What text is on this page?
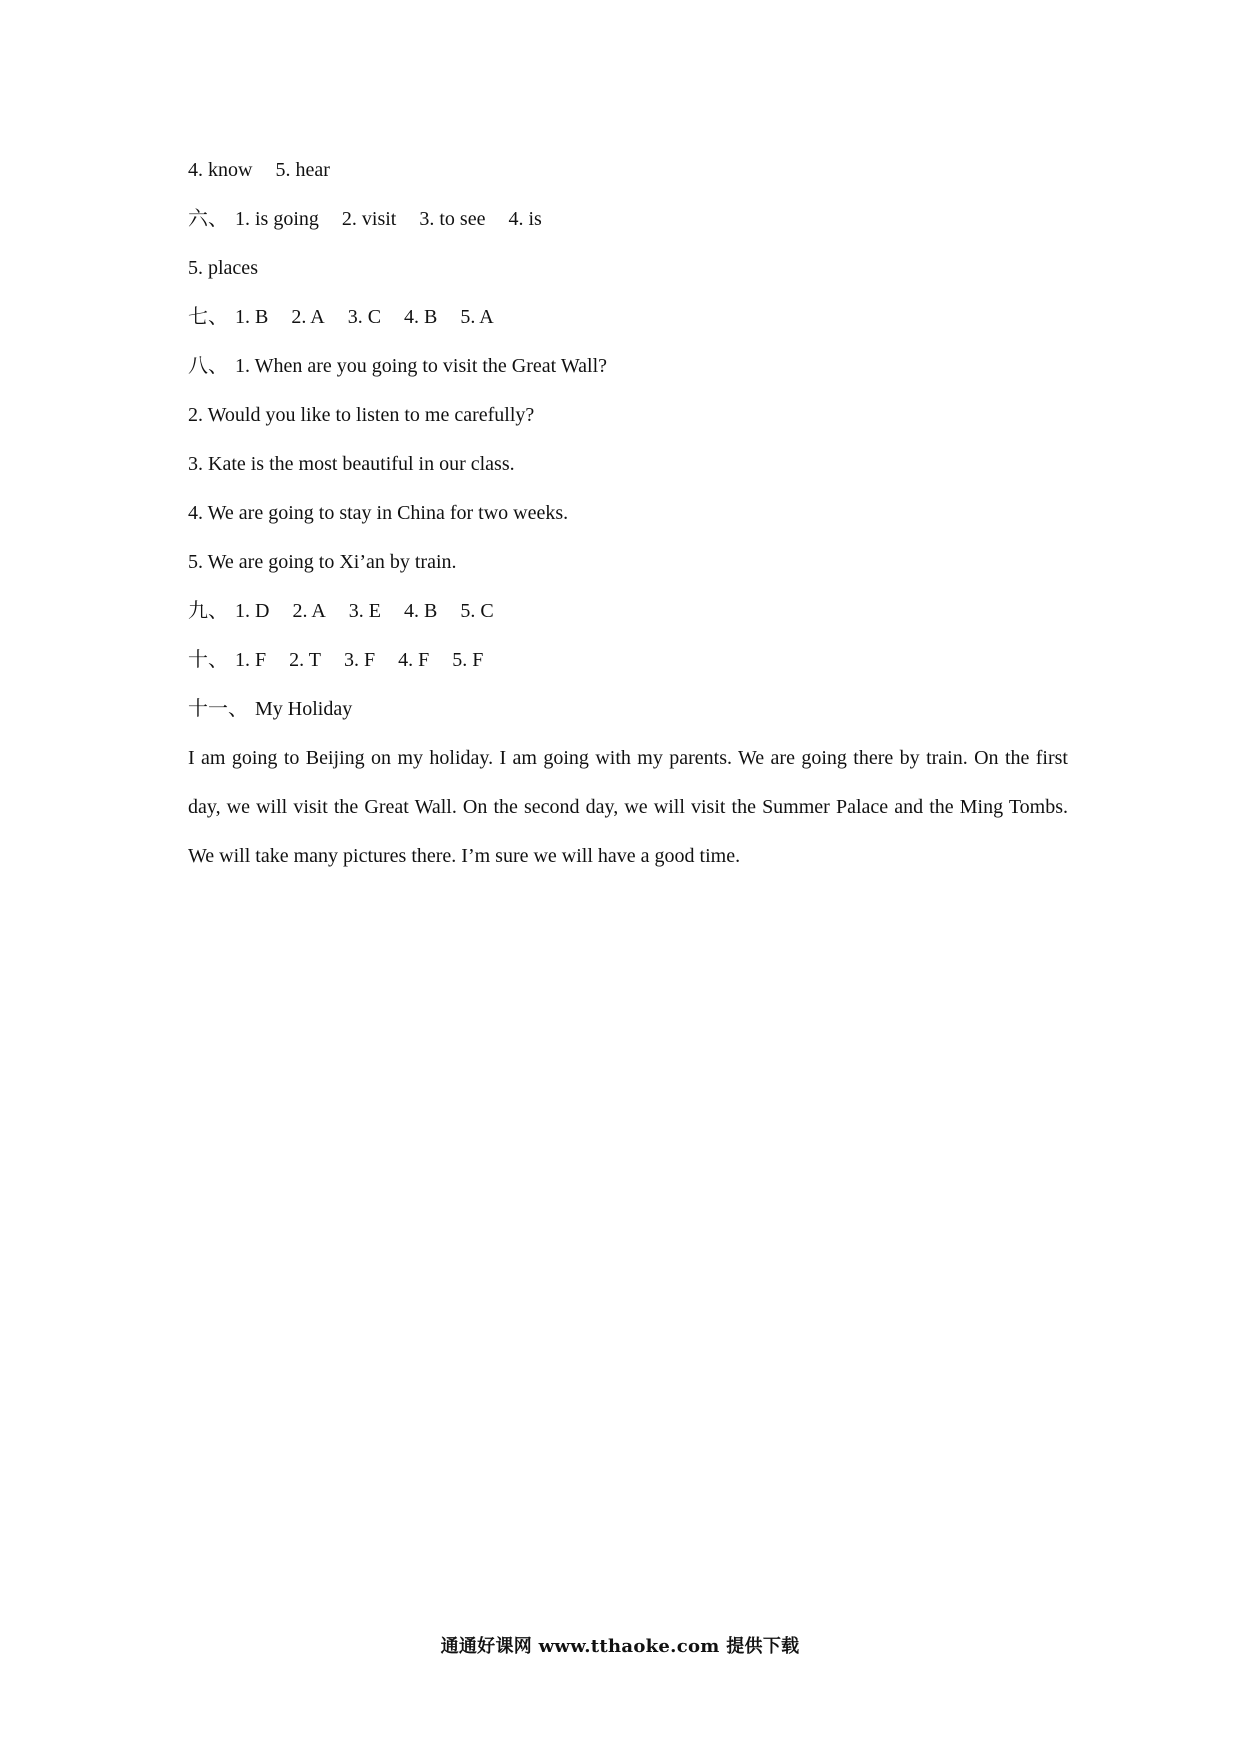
4. know 5. hear
六、 1. is going 2. visit 3. to see 4. is
5. places
七、 1. B 2. A 3. C 4. B 5. A
八、 1. When are you going to visit the Great Wall?
2. Would you like to listen to me carefully?
3. Kate is the most beautiful in our class.
4. We are going to stay in China for two weeks.
5. We are going to Xi’an by train.
九、 1. D 2. A 3. E 4. B 5. C
十、 1. F 2. T 3. F 4. F 5. F
十一、 My Holiday
I am going to Beijing on my holiday. I am going with my parents. We are going there by train. On the first day, we will visit the Great Wall. On the second day, we will visit the Summer Palace and the Ming Tombs. We will take many pictures there. I’m sure we will have a good time.
通通好课网 www.tthaoke.com 提供下载
